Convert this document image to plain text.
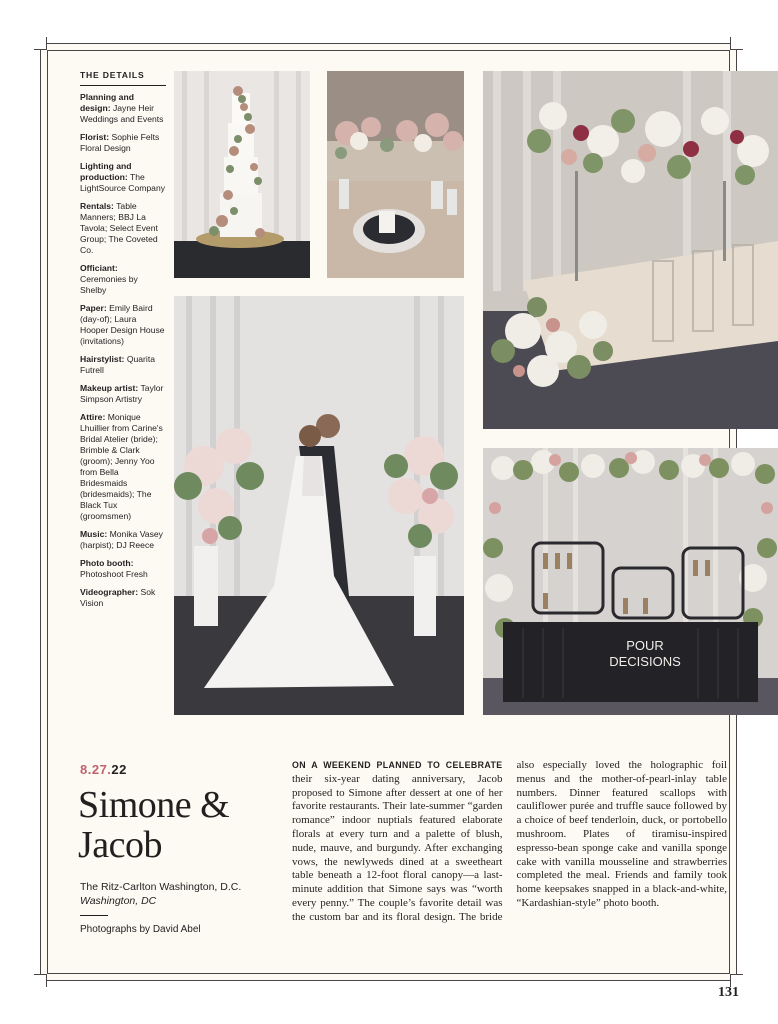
THE DETAILS
Planning and design: Jayne Heir Weddings and Events
Florist: Sophie Felts Floral Design
Lighting and production: The LightSource Company
Rentals: Table Manners; BBJ La Tavola; Select Event Group; The Coveted Co.
Officiant: Ceremonies by Shelby
Paper: Emily Baird (day-of); Laura Hooper Design House (invitations)
Hairstylist: Quarita Futrell
Makeup artist: Taylor Simpson Artistry
Attire: Monique Lhuillier from Carine's Bridal Atelier (bride); Brimble & Clark (groom); Jenny Yoo from Bella Bridesmaids (bridesmaids); The Black Tux (groomsmen)
Music: Monika Vasey (harpist); DJ Reece
Photo booth: Photoshoot Fresh
Videographer: Sok Vision
POUR
DECISIONS
8.27.22
Simone &
Jacob
The Ritz-Carlton Washington, D.C.
Washington, DC
Photographs by David Abel
ON A WEEKEND PLANNED TO CELEBRATE their six-year dating anniversary, Jacob proposed to Simone after dessert at one of her favorite restaurants. Their late-summer “garden romance” indoor nuptials featured elaborate florals at every turn and a palette of blush, nude, mauve, and burgundy. After exchanging vows, the newlyweds dined at a sweetheart table beneath a 12-foot floral canopy—a last-minute addition that Simone says was “worth every penny.” The couple’s favorite detail was the custom bar and its floral design. The bride also especially loved the holographic foil menus and the mother-of-pearl-inlay table numbers. Dinner featured scallops with cauliflower purée and truffle sauce followed by a choice of beef tenderloin, duck, or portobello mushroom. Plates of tiramisu-inspired espresso-bean sponge cake and vanilla sponge cake with vanilla mousseline and strawberries completed the meal. Friends and family took home keepsakes snapped in a black-and-white, “Kardashian-style” photo booth.
131
